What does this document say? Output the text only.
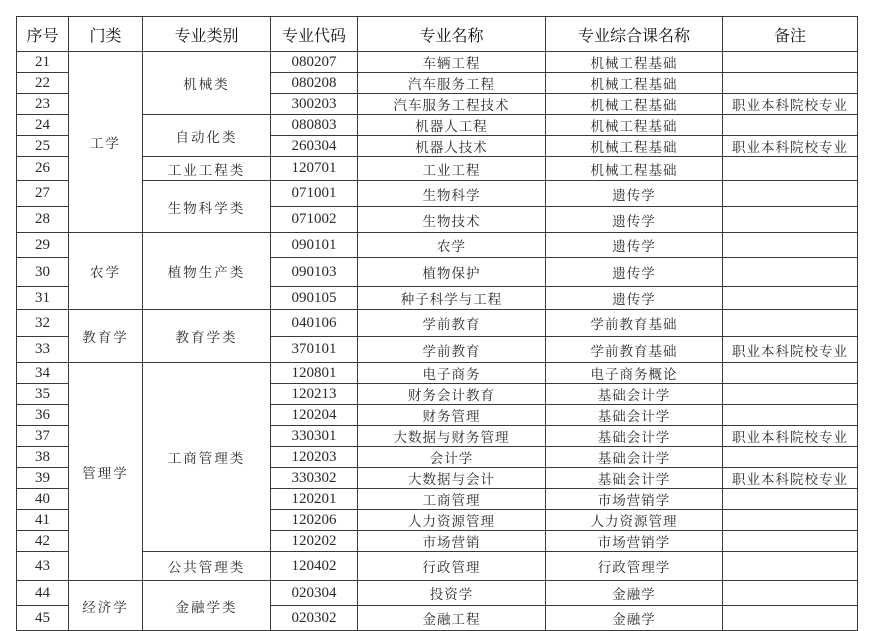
序号	门类	专业类别	专业代码	专业名称	专业综合课名称	备注
21	工学	机械类	080207	车辆工程	机械工程基础	
22			080208	汽车服务工程	机械工程基础	
23			300203	汽车服务工程技术	机械工程基础	职业本科院校专业
24		自动化类	080803	机器人工程	机械工程基础	
25			260304	机器人技术	机械工程基础	职业本科院校专业
26		工业工程类	120701	工业工程	机械工程基础	
27		生物科学类	071001	生物科学	遗传学	
28			071002	生物技术	遗传学	
29	农学	植物生产类	090101	农学	遗传学	
30			090103	植物保护	遗传学	
31			090105	种子科学与工程	遗传学	
32	教育学	教育学类	040106	学前教育	学前教育基础	
33			370101	学前教育	学前教育基础	职业本科院校专业
34	管理学	工商管理类	120801	电子商务	电子商务概论	
35			120213	财务会计教育	基础会计学	
36			120204	财务管理	基础会计学	
37			330301	大数据与财务管理	基础会计学	职业本科院校专业
38			120203	会计学	基础会计学	
39			330302	大数据与会计	基础会计学	职业本科院校专业
40			120201	工商管理	市场营销学	
41			120206	人力资源管理	人力资源管理	
42			120202	市场营销	市场营销学	
43		公共管理类	120402	行政管理	行政管理学	
44	经济学	金融学类	020304	投资学	金融学	
45			020302	金融工程	金融学	
